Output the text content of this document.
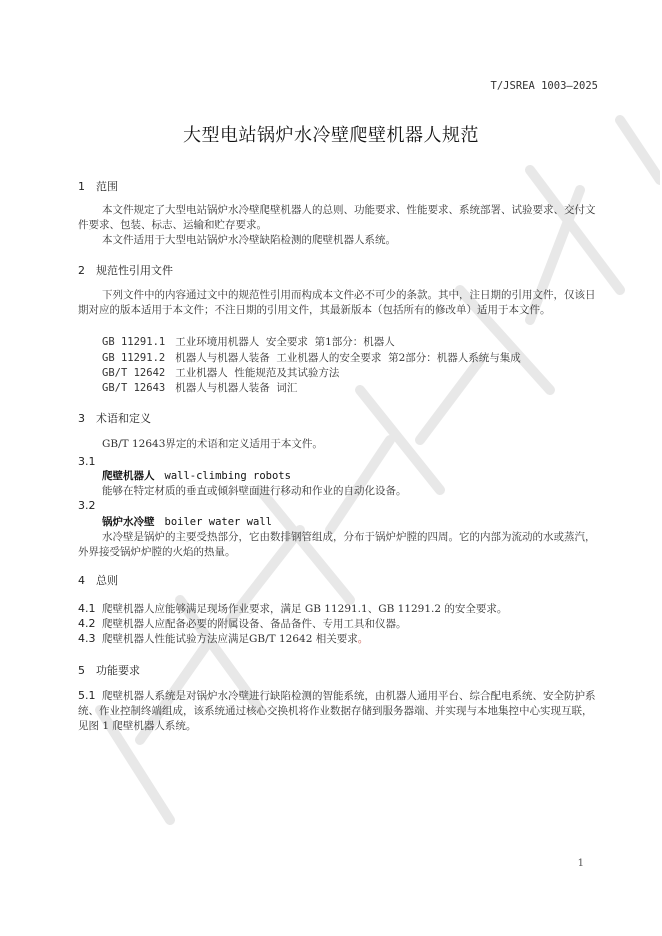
T/JSREA 1003—2025
大型电站锅炉水冷壁爬壁机器人规范
1 范围
本文件规定了大型电站锅炉水冷壁爬壁机器人的总则、功能要求、性能要求、系统部署、试验要求、交付文件要求、包装、标志、运输和贮存要求。
本文件适用于大型电站锅炉水冷壁缺陷检测的爬壁机器人系统。
2 规范性引用文件
下列文件中的内容通过文中的规范性引用而构成本文件必不可少的条款。其中，注日期的引用文件，仅该日期对应的版本适用于本文件；不注日期的引用文件，其最新版本（包括所有的修改单）适用于本文件。
GB 11291.1 工业环境用机器人  安全要求  第1部分：机器人
GB 11291.2 机器人与机器人装备  工业机器人的安全要求  第2部分：机器人系统与集成
GB/T 12642 工业机器人  性能规范及其试验方法
GB/T 12643 机器人与机器人装备  词汇
3 术语和定义
GB/T 12643界定的术语和定义适用于本文件。
3.1
爬壁机器人 wall-climbing robots
能够在特定材质的垂直或倾斜壁面进行移动和作业的自动化设备。
3.2
锅炉水冷壁 boiler water wall
水冷壁是锅炉的主要受热部分，它由数排钢管组成，分布于锅炉炉膛的四周。它的内部为流动的水或蒸汽，外界接受锅炉炉膛的火焰的热量。
4 总则
4.1 爬壁机器人应能够满足现场作业要求，满足 GB 11291.1、GB 11291.2 的安全要求。
4.2 爬壁机器人应配备必要的附属设备、备品备件、专用工具和仪器。
4.3 爬壁机器人性能试验方法应满足GB/T 12642 相关要求。
5 功能要求
5.1 爬壁机器人系统是对锅炉水冷壁进行缺陷检测的智能系统，由机器人通用平台、综合配电系统、安全防护系统、作业控制终端组成，该系统通过核心交换机将作业数据存储到服务器端、并实现与本地集控中心实现互联，见图 1 爬壁机器人系统。
1
